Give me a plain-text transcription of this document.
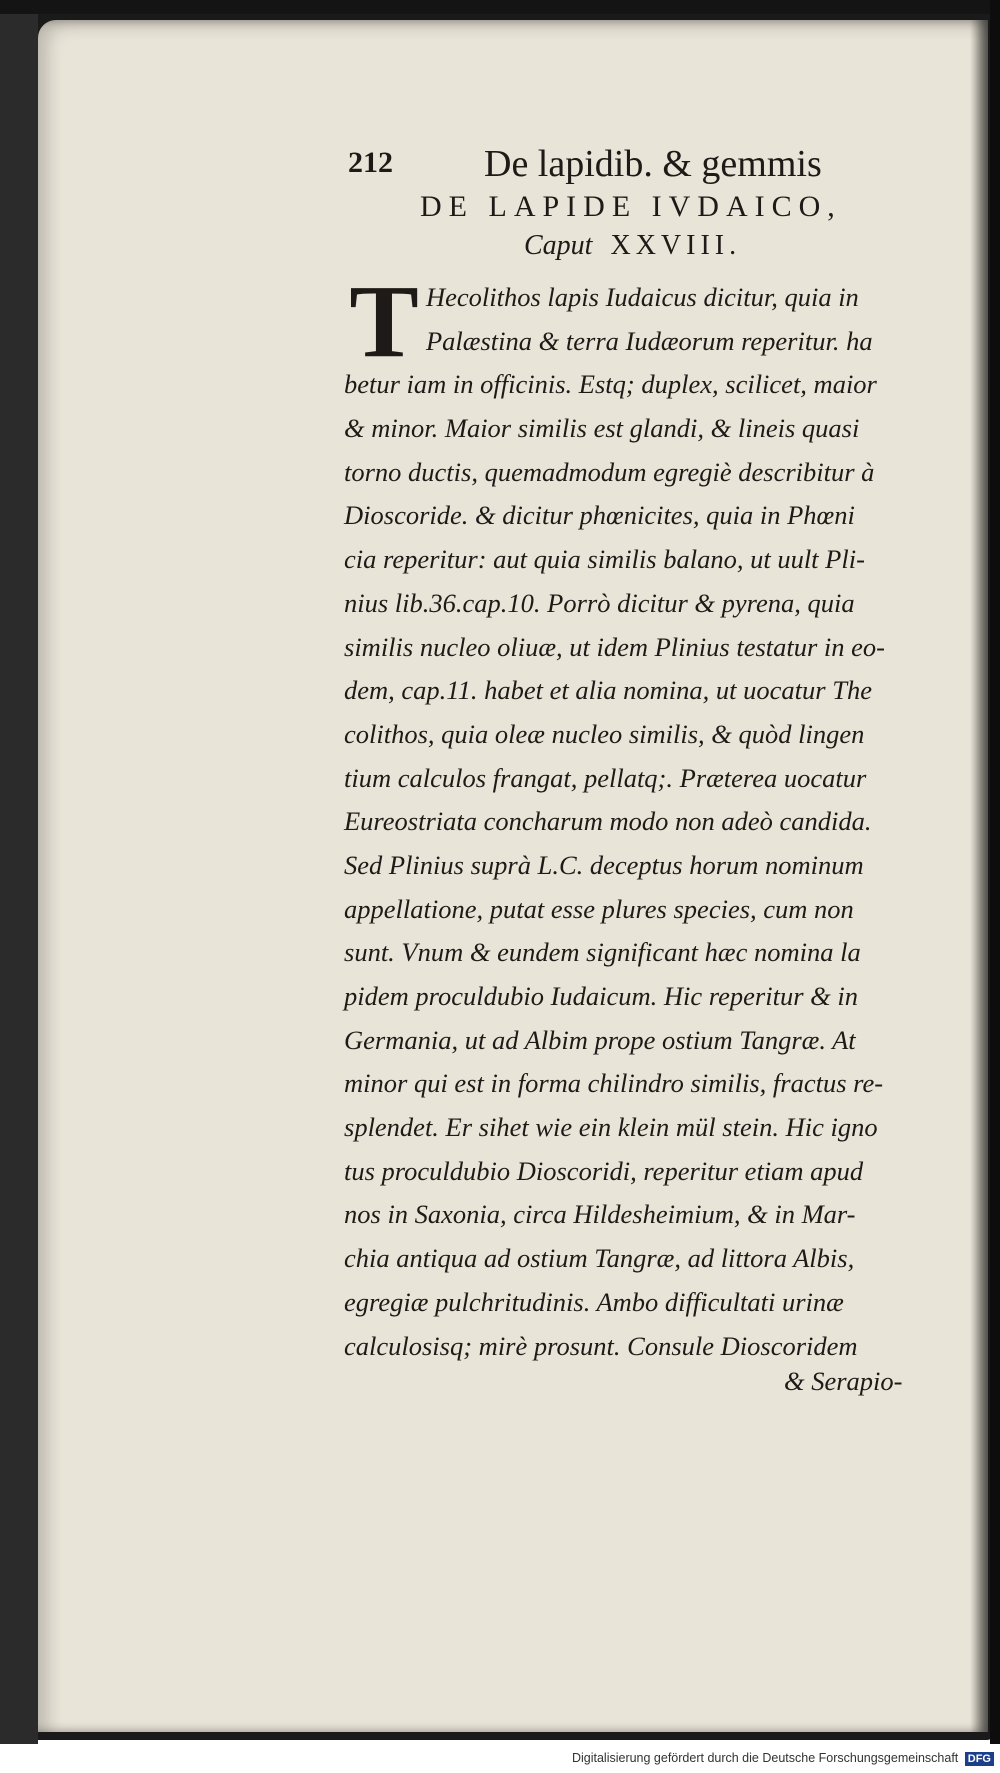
212 De lapidib. & gemmis
DE LAPIDE IVDAICO,
Caput XXVIII.
T Hecolithos lapis Iudaicus dicitur, quia in
Palæstina & terra Iudæorum reperitur. ha
betur iam in officinis. Estq; duplex, scilicet, maior
& minor. Maior similis est glandi, & lineis quasi
torno ductis, quemadmodum egregiè describitur à
Dioscoride. & dicitur phœnicites, quia in Phœni
cia reperitur: aut quia similis balano, ut uult Pli-
nius lib.36.cap.10. Porrò dicitur & pyrena, quia
similis nucleo oliuæ, ut idem Plinius testatur in eo-
dem, cap.11. habet et alia nomina, ut uocatur The
colithos, quia oleæ nucleo similis, & quòd lingen
tium calculos frangat, pellatq;. Præterea uocatur
Eureostriata concharum modo non adeò candida.
Sed Plinius suprà L.C. deceptus horum nominum
appellatione, putat esse plures species, cum non
sunt. Vnum & eundem significant hæc nomina la
pidem proculdubio Iudaicum. Hic reperitur & in
Germania, ut ad Albim prope ostium Tangræ. At
minor qui est in forma chilindro similis, fractus re-
splendet. Er sihet wie ein klein mül stein. Hic igno
tus proculdubio Dioscoridi, reperitur etiam apud
nos in Saxonia, circa Hildesheimium, & in Mar-
chia antiqua ad ostium Tangræ, ad littora Albis,
egregiæ pulchritudinis. Ambo difficultati urinæ
calculosisq; mirè prosunt. Consule Dioscoridem
& Serapio-
Digitalisierung gefördert durch die Deutsche Forschungsgemeinschaft DFG
